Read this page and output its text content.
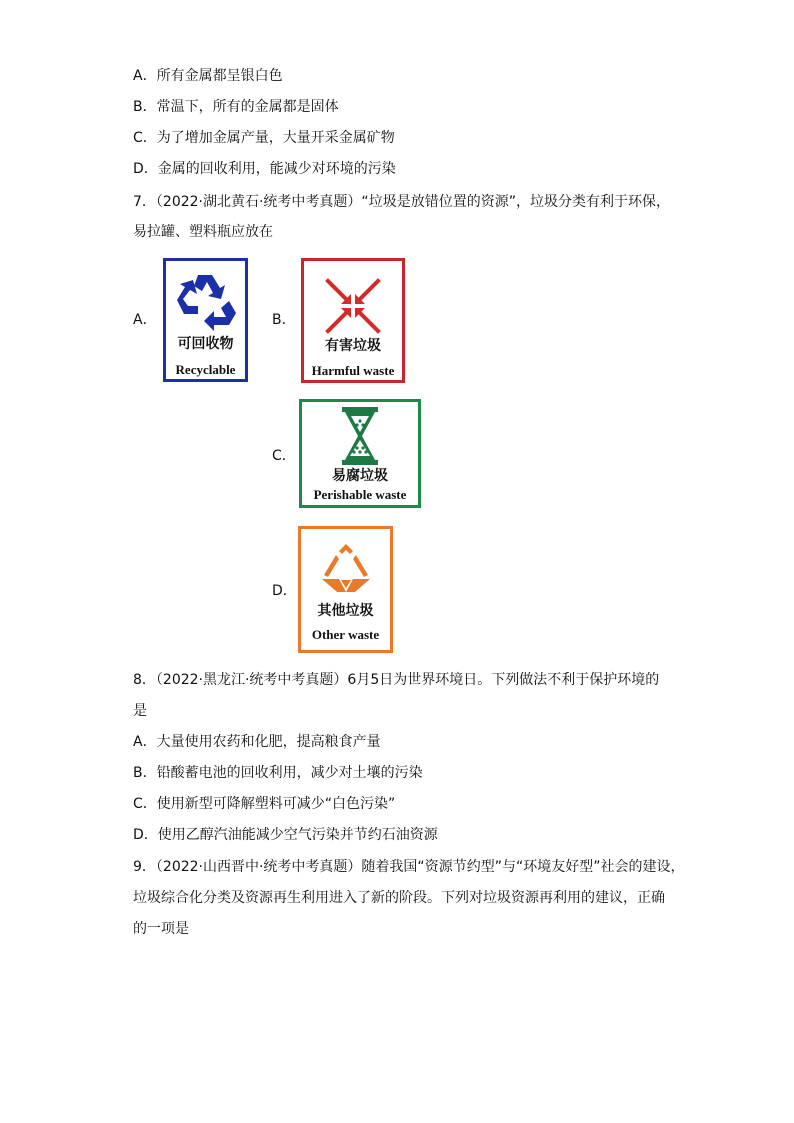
A．所有金属都呈银白色
B．常温下，所有的金属都是固体
C．为了增加金属产量，大量开采金属矿物
D．金属的回收利用，能减少对环境的污染
7．（2022·湖北黄石·统考中考真题）“垃圾是放错位置的资源”，垃圾分类有利于环保，
易拉罐、塑料瓶应放在
A．
可回收物
Recyclable
B．
有害垃圾
Harmful waste
C．
易腐垃圾
Perishable waste
D．
其他垃圾
Other waste
8．（2022·黑龙江·统考中考真题）6月5日为世界环境日。下列做法不利于保护环境的
是
A．大量使用农药和化肥，提高粮食产量
B．铅酸蓄电池的回收利用，减少对土壤的污染
C．使用新型可降解塑料可减少“白色污染”
D．使用乙醇汽油能减少空气污染并节约石油资源
9．（2022·山西晋中·统考中考真题）随着我国“资源节约型”与“环境友好型”社会的建设，
垃圾综合化分类及资源再生利用进入了新的阶段。下列对垃圾资源再利用的建议，正确
的一项是
